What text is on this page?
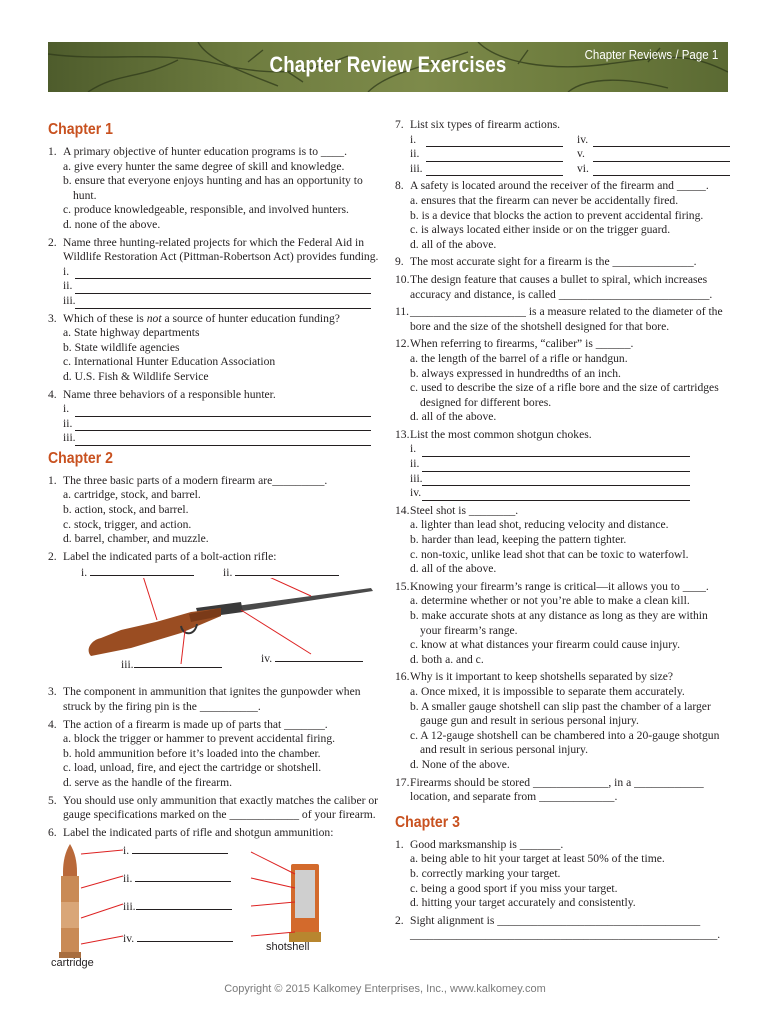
Chapter Review Exercises	Chapter Reviews / Page 1
Chapter 1
1. A primary objective of hunter education programs is to ____.
a. give every hunter the same degree of skill and knowledge.
b. ensure that everyone enjoys hunting and has an opportunity to hunt.
c. produce knowledgeable, responsible, and involved hunters.
d. none of the above.
2. Name three hunting-related projects for which the Federal Aid in Wildlife Restoration Act (Pittman-Robertson Act) provides funding.
i.
ii.
iii.
3. Which of these is not a source of hunter education funding?
a. State highway departments
b. State wildlife agencies
c. International Hunter Education Association
d. U.S. Fish & Wildlife Service
4. Name three behaviors of a responsible hunter.
i.
ii.
iii.
Chapter 2
1. The three basic parts of a modern firearm are_________.
a. cartridge, stock, and barrel.
b. action, stock, and barrel.
c. stock, trigger, and action.
d. barrel, chamber, and muzzle.
2. Label the indicated parts of a bolt-action rifle:
i.	ii.
iii.	iv.
3. The component in ammunition that ignites the gunpowder when struck by the firing pin is the __________.
4. The action of a firearm is made up of parts that _______.
a. block the trigger or hammer to prevent accidental firing.
b. hold ammunition before it’s loaded into the chamber.
c. load, unload, fire, and eject the cartridge or shotshell.
d. serve as the handle of the firearm.
5. You should use only ammunition that exactly matches the caliber or gauge specifications marked on the ____________ of your firearm.
6. Label the indicated parts of rifle and shotgun ammunition:
i.
ii.
iii.
iv.
shotshell
cartridge
7. List six types of firearm actions.
i.	iv.
ii.	v.
iii.	vi.
8. A safety is located around the receiver of the firearm and _____.
a. ensures that the firearm can never be accidentally fired.
b. is a device that blocks the action to prevent accidental firing.
c. is always located either inside or on the trigger guard.
d. all of the above.
9. The most accurate sight for a firearm is the ______________.
10. The design feature that causes a bullet to spiral, which increases accuracy and distance, is called __________________________.
11. ____________________ is a measure related to the diameter of the bore and the size of the shotshell designed for that bore.
12. When referring to firearms, “caliber” is ______.
a. the length of the barrel of a rifle or handgun.
b. always expressed in hundredths of an inch.
c. used to describe the size of a rifle bore and the size of cartridges designed for different bores.
d. all of the above.
13. List the most common shotgun chokes.
i.
ii.
iii.
iv.
14. Steel shot is ________.
a. lighter than lead shot, reducing velocity and distance.
b. harder than lead, keeping the pattern tighter.
c. non-toxic, unlike lead shot that can be toxic to waterfowl.
d. all of the above.
15. Knowing your firearm’s range is critical—it allows you to ____.
a. determine whether or not you’re able to make a clean kill.
b. make accurate shots at any distance as long as they are within your firearm’s range.
c. know at what distances your firearm could cause injury.
d. both a. and c.
16. Why is it important to keep shotshells separated by size?
a. Once mixed, it is impossible to separate them accurately.
b. A smaller gauge shotshell can slip past the chamber of a larger gauge gun and result in serious personal injury.
c. A 12-gauge shotshell can be chambered into a 20-gauge shotgun and result in serious personal injury.
d. None of the above.
17. Firearms should be stored _____________, in a ____________ location, and separate from _____________.
Chapter 3
1. Good marksmanship is _______.
a. being able to hit your target at least 50% of the time.
b. correctly marking your target.
c. being a good sport if you miss your target.
d. hitting your target accurately and consistently.
2. Sight alignment is ___________________________________
_____________________________________________________.
Copyright © 2015 Kalkomey Enterprises, Inc., www.kalkomey.com
